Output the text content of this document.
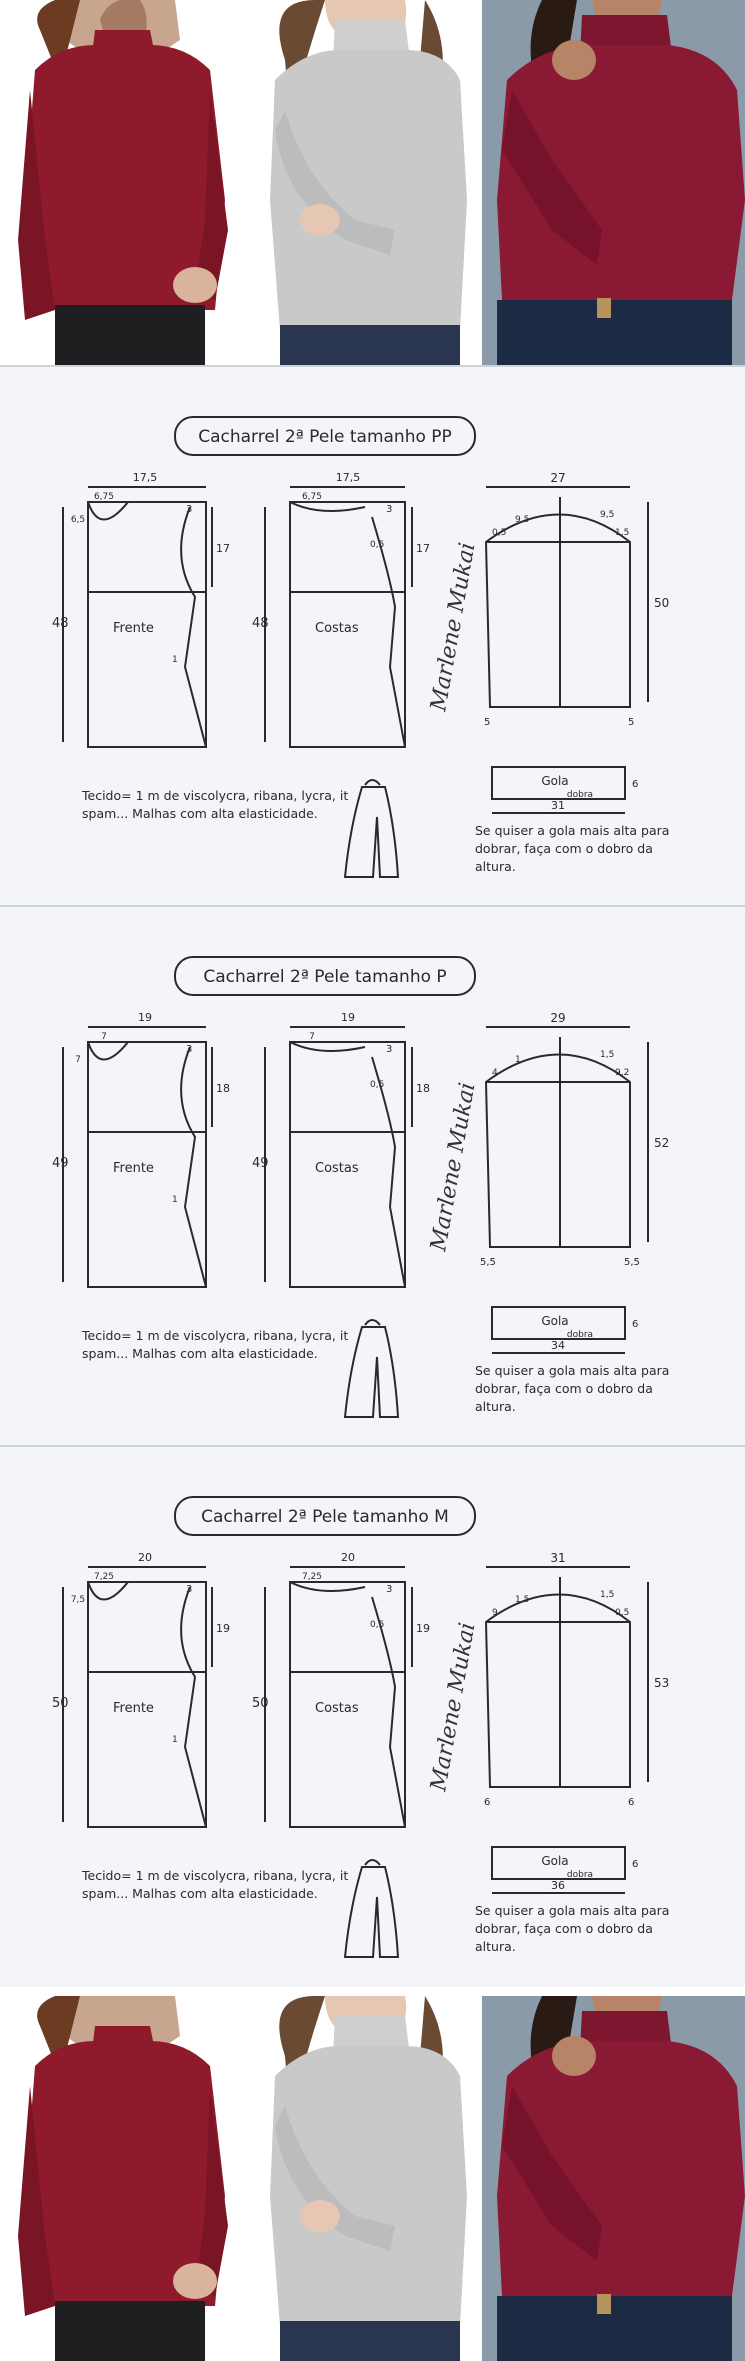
Cacharrel 2ª Pele tamanho PP
17,5	17,5
6,75	6,75
6,5
3	3
17	17
48	48
1
0,5
Frente	Costas
27
9,5	9,5
0,5	1,5
50
5	5
Gola
dobra
6
31
Tecido= 1 m de viscolycra, ribana, lycra, it spam... Malhas com alta elasticidade.
Se quiser a gola mais alta para dobrar, faça com o dobro da altura.
Marlene Mukai
Cacharrel 2ª Pele tamanho P
19	19
7	7
7
3	3
18	18
49	49
1
0,5
Frente	Costas
29
1	1,5
4	9,2
52
5,5	5,5
Gola
dobra
6
34
Tecido= 1 m de viscolycra, ribana, lycra, it spam... Malhas com alta elasticidade.
Se quiser a gola mais alta para dobrar, faça com o dobro da altura.
Marlene Mukai
Cacharrel 2ª Pele tamanho M
20	20
7,25	7,25
7,5
3	3
19	19
50	50
1
0,5
Frente	Costas
31
1,5	1,5
9	0,5
53
6	6
Gola
dobra
6
36
Tecido= 1 m de viscolycra, ribana, lycra, it spam... Malhas com alta elasticidade.
Se quiser a gola mais alta para dobrar, faça com o dobro da altura.
Marlene Mukai
